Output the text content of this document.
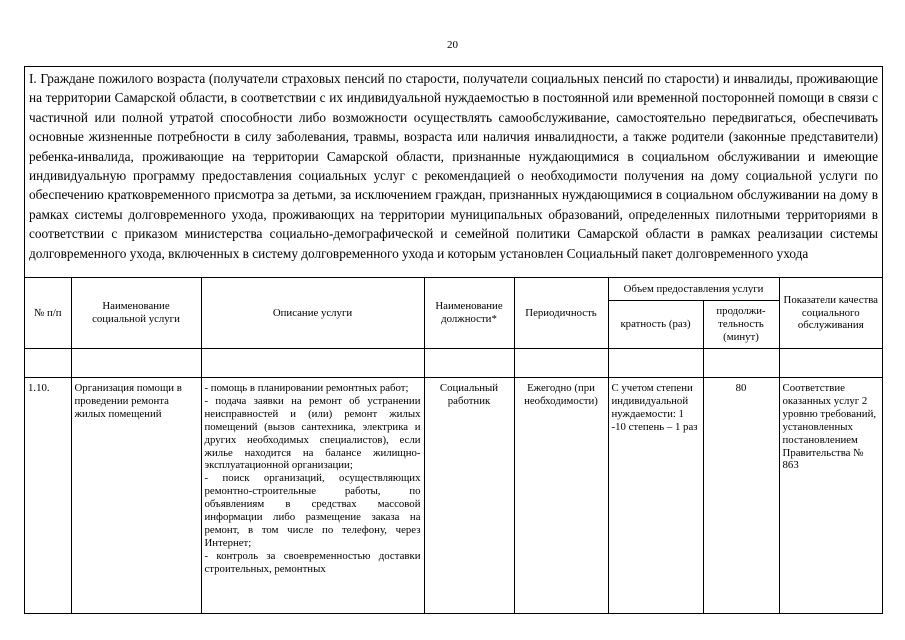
20
I. Граждане пожилого возраста (получатели страховых пенсий по старости, получатели социальных пенсий по старости) и инвалиды, проживающие на территории Самарской области, в соответствии с их индивидуальной нуждаемостью в постоянной или временной посторонней помощи в связи с частичной или полной утратой способности либо возможности осуществлять самообслуживание, самостоятельно передвигаться, обеспечивать основные жизненные потребности в силу заболевания, травмы, возраста или наличия инвалидности, а также родители (законные представители) ребенка-инвалида, проживающие на территории Самарской области, признанные нуждающимися в социальном обслуживании и имеющие индивидуальную программу предоставления социальных услуг с рекомендацией о необходимости получения на дому социальной услуги по обеспечению кратковременного присмотра за детьми, за исключением граждан, признанных нуждающимися в социальном обслуживании на дому в рамках системы долговременного ухода, проживающих на территории муниципальных образований, определенных пилотными территориями в соответствии с приказом министерства социально-демографической и семейной политики Самарской области в рамках реализации системы долговременного ухода, включенных в систему долговременного ухода и которым установлен Социальный пакет долговременного ухода
№ п/п	Наименование социальной услуги	Описание услуги	Наименование должности*	Периодичность	Объем предоставления услуги		Показатели качества социального обслуживания
					кратность (раз)	продолжи-тельность (минут)	

1.10.	Организация помощи в проведении ремонта жилых помещений	- помощь в планировании ремонтных работ;
- подача заявки на ремонт об устранении неисправностей и (или) ремонт жилых помещений (вызов сантехника, электрика и других необходимых специалистов), если жилье находится на балансе жилищно-эксплуатационной организации;
- поиск организаций, осуществляющих ремонтно-строительные работы, по объявлениям в средствах массовой информации либо размещение заказа на ремонт, в том числе по телефону, через Интернет;
- контроль за своевременностью доставки строительных, ремонтных	Социальный работник	Ежегодно (при необходимости)	С учетом степени индивидуальной нуждаемости: 1 -10 степень – 1 раз	80	Соответствие оказанных услуг 2 уровню требований, установленных постановлением Правительства № 863
